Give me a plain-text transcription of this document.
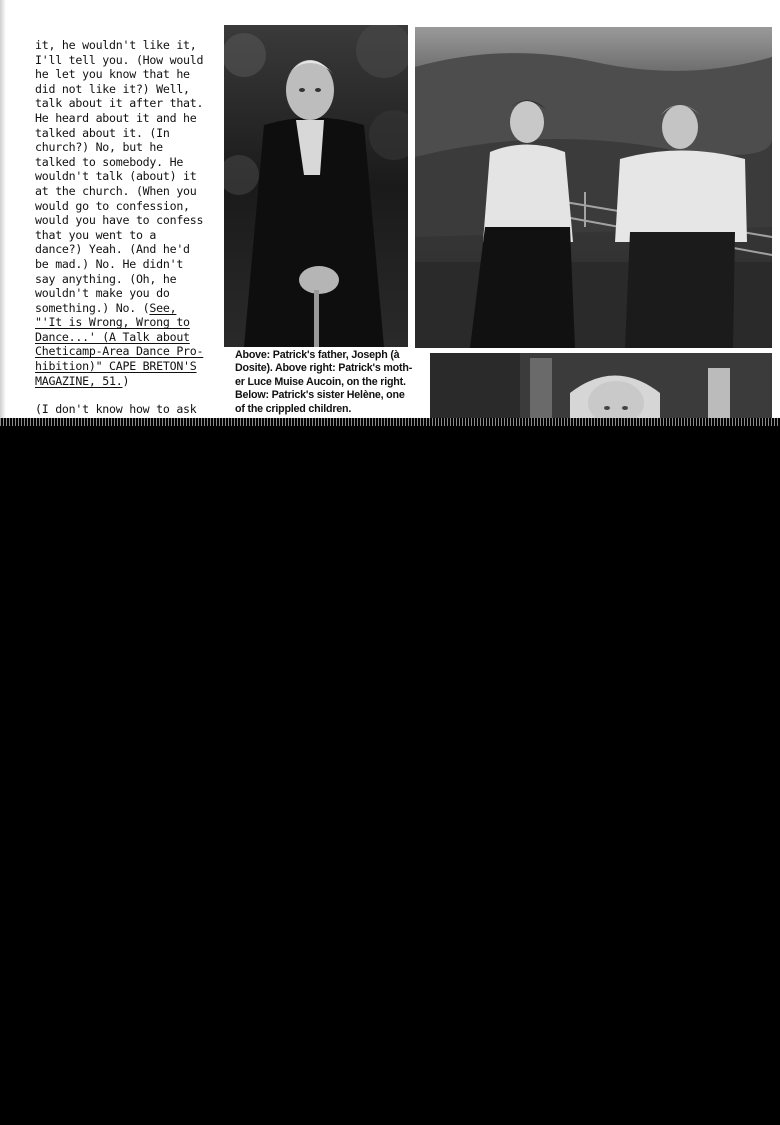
it, he wouldn't like it,
I'll tell you. (How would
he let you know that he
did not like it?) Well,
talk about it after that.
He heard about it and he
talked about it. (In
church?) No, but he
talked to somebody. He
wouldn't talk (about) it
at the church. (When you
would go to confession,
would you have to confess
that you went to a
dance?) Yeah. (And he'd
be mad.) No. He didn't
say anything. (Oh, he
wouldn't make you do
something.) No. (See,
"'It is Wrong, Wrong to
Dance...' (A Talk about
Cheticamp-Area Dance Pro-
hibition)" CAPE BRETON'S
MAGAZINE, 51.)
(I don't know how to ask
Above: Patrick's father, Joseph (à
Dosite). Above right: Patrick's moth-
er Luce Muise Aucoin, on the right.
Below: Patrick's sister Helène, one
of the crippled children.
